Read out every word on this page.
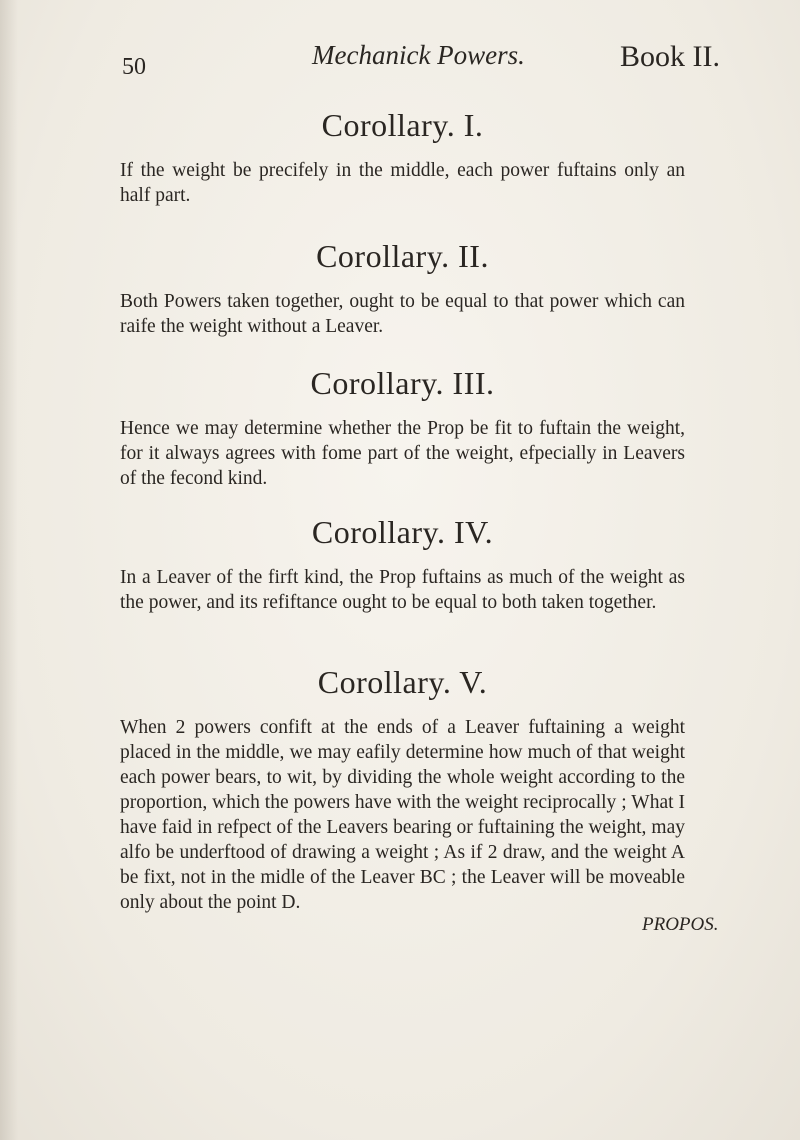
50	Mechanick Powers.	Book II.
Corollary. I.

If the weight be precifely in the middle, each power fuftains only an half part.

Corollary. II.

Both Powers taken together, ought to be equal to that power which can raife the weight without a Leaver.

Corollary. III.

Hence we may determine whether the Prop be fit to fuftain the weight, for it always agrees with fome part of the weight, efpecially in Leavers of the fecond kind.

Corollary. IV.

In a Leaver of the firft kind, the Prop fuftains as much of the weight as the power, and its refiftance ought to be equal to both taken together.

Corollary. V.

When 2 powers confift at the ends of a Leaver fuftaining a weight placed in the middle, we may eafily determine how much of that weight each power bears, to wit, by dividing the whole weight according to the proportion, which the powers have with the weight reciprocally ; What I have faid in refpect of the Leavers bearing or fuftaining the weight, may alfo be underftood of drawing a weight ; As if 2 draw, and the weight A be fixt, not in the midle of the Leaver BC ; the Leaver will be moveable only about the point D.

PROPOS.
